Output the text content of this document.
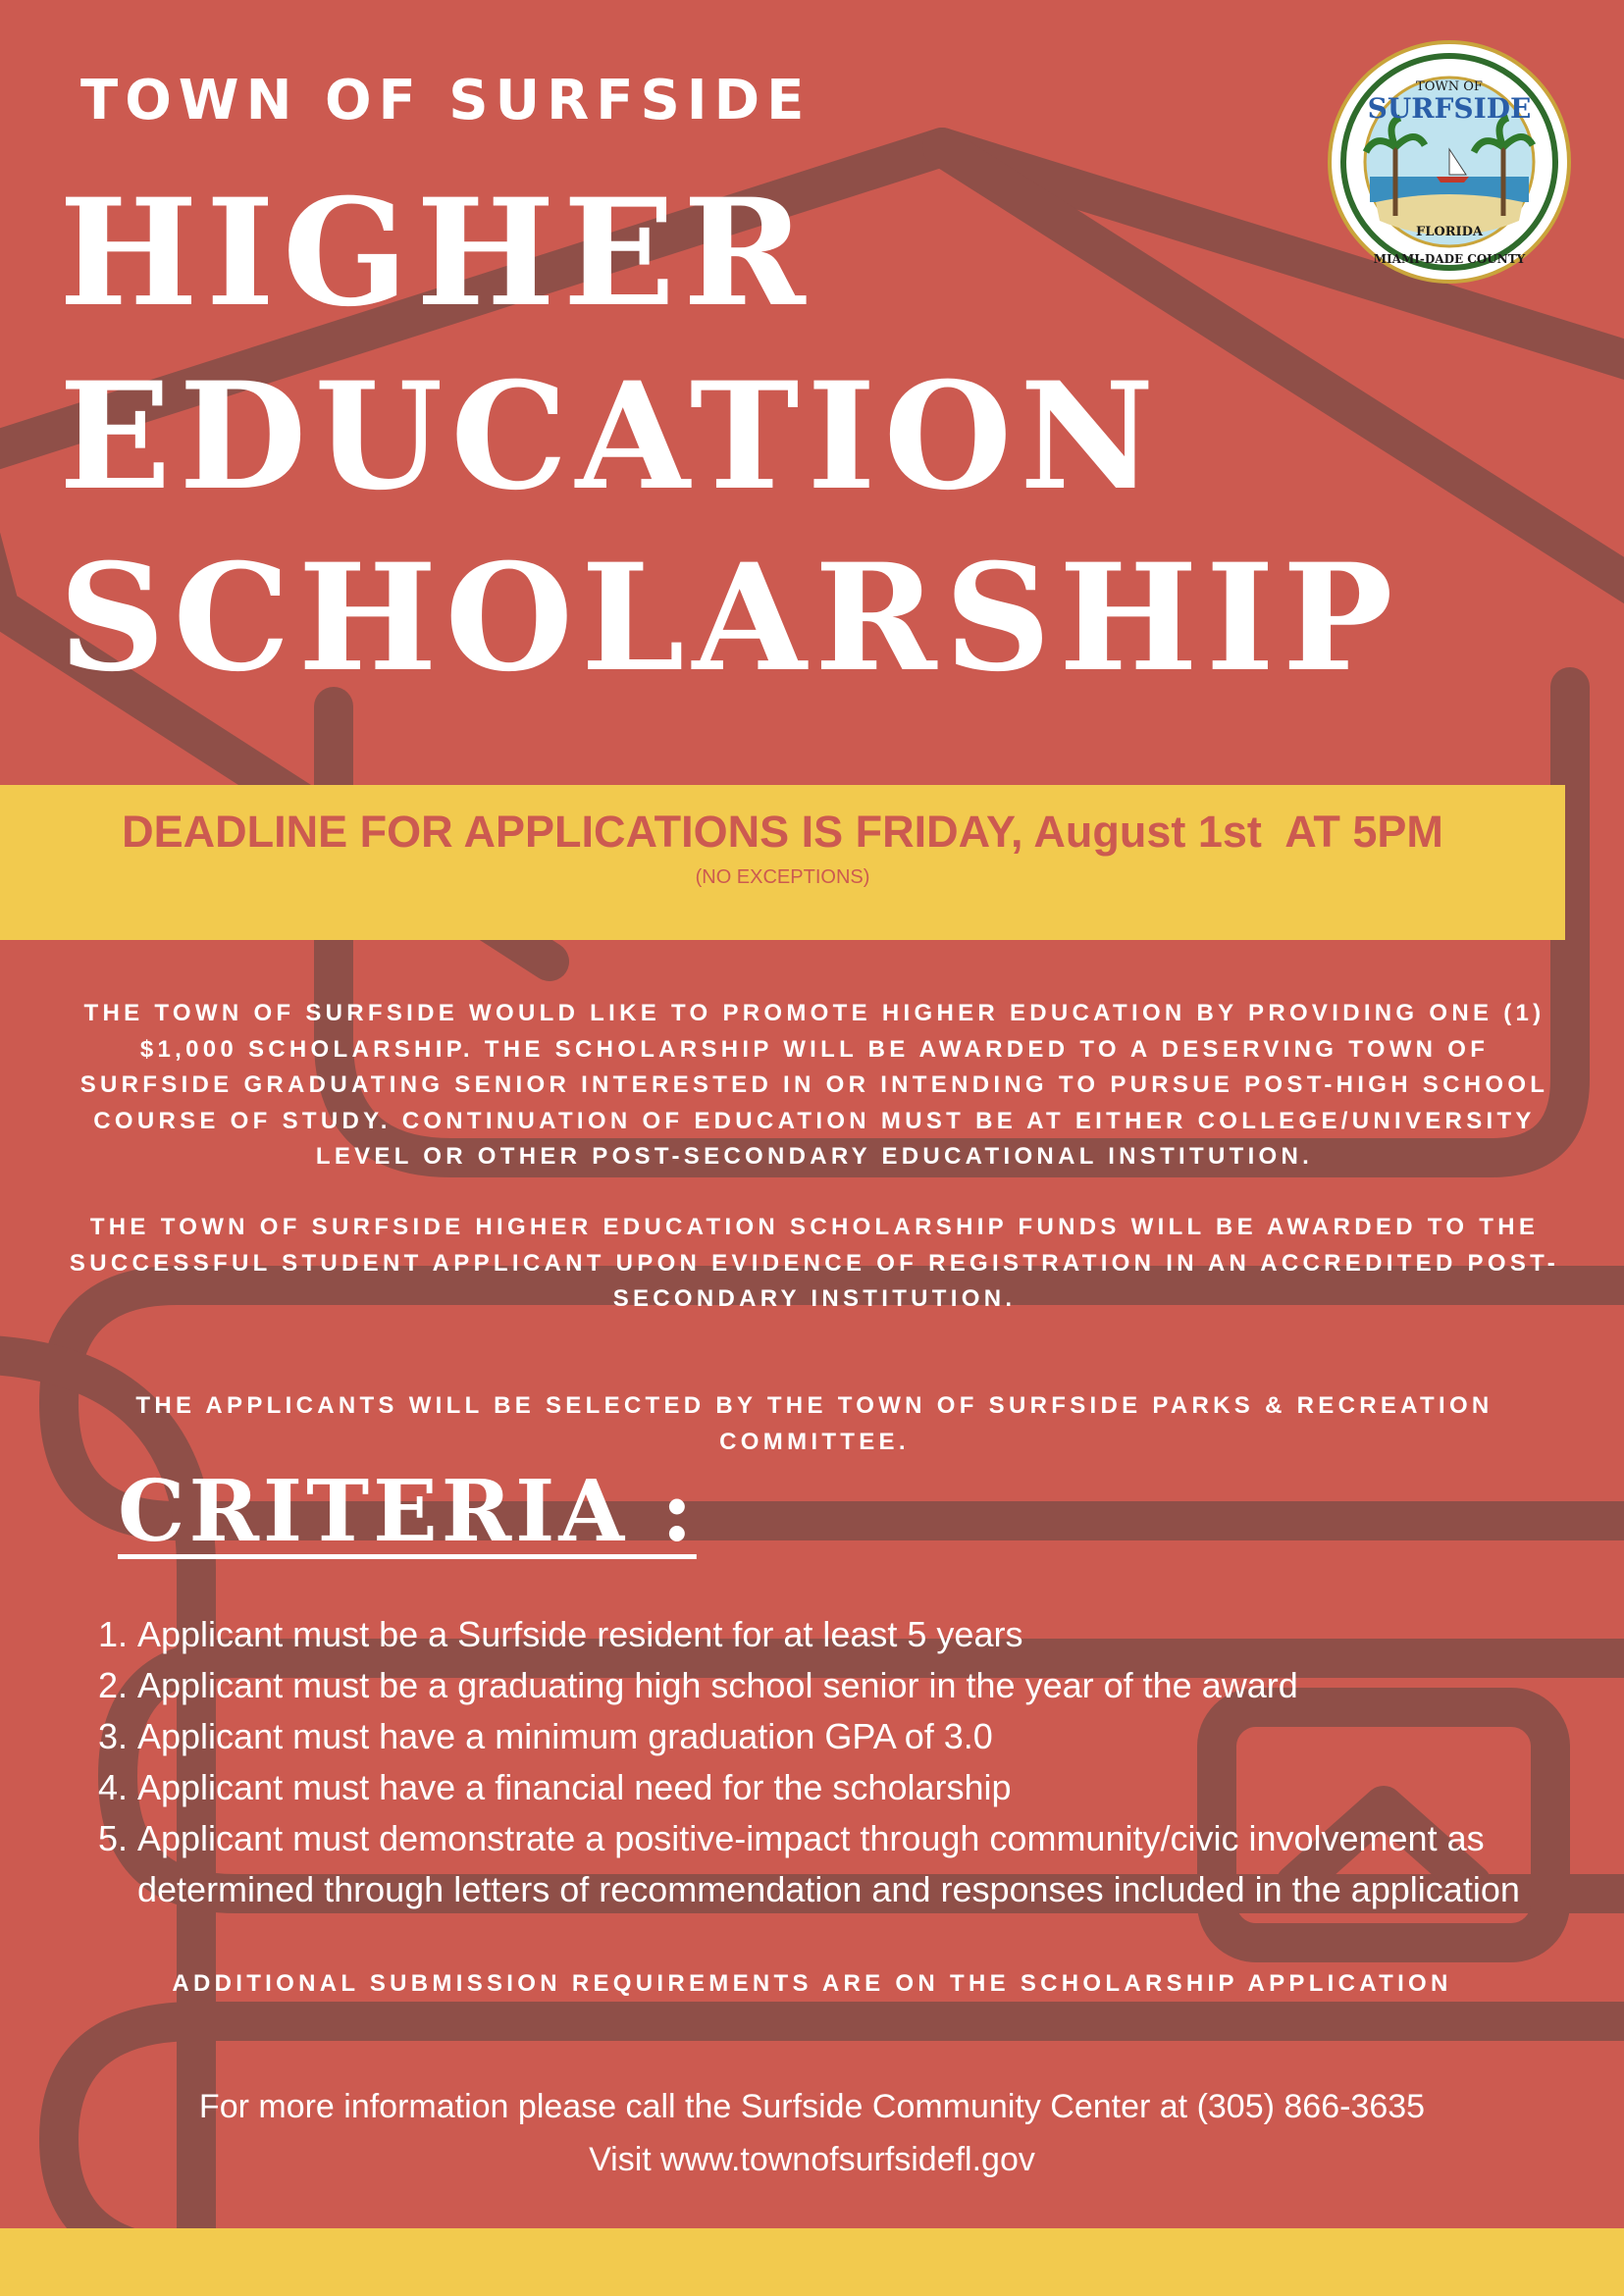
TOWN OF SURFSIDE
HIGHER
EDUCATION
SCHOLARSHIP
TOWN OF
SURFSIDE
FLORIDA
MIAMI-DADE COUNTY
DEADLINE FOR APPLICATIONS IS FRIDAY, August 1st  AT 5PM
(NO EXCEPTIONS)
THE TOWN OF SURFSIDE WOULD LIKE TO PROMOTE HIGHER EDUCATION BY PROVIDING ONE (1) $1,000 SCHOLARSHIP. THE SCHOLARSHIP WILL BE AWARDED TO A DESERVING TOWN OF SURFSIDE GRADUATING SENIOR INTERESTED IN OR INTENDING TO PURSUE POST-HIGH SCHOOL COURSE OF STUDY. CONTINUATION OF EDUCATION MUST BE AT EITHER COLLEGE/UNIVERSITY LEVEL OR OTHER POST-SECONDARY EDUCATIONAL INSTITUTION.
THE TOWN OF SURFSIDE HIGHER EDUCATION SCHOLARSHIP FUNDS WILL BE AWARDED TO THE SUCCESSFUL STUDENT APPLICANT UPON EVIDENCE OF REGISTRATION IN AN ACCREDITED POST-SECONDARY INSTITUTION.
THE APPLICANTS WILL BE SELECTED BY THE TOWN OF SURFSIDE PARKS & RECREATION COMMITTEE.
CRITERIA :
1. Applicant must be a Surfside resident for at least 5 years
2. Applicant must be a graduating high school senior in the year of the award
3. Applicant must have a minimum graduation GPA of 3.0
4. Applicant must have a financial need for the scholarship
5. Applicant must demonstrate a positive-impact through community/civic involvement as determined through letters of recommendation and responses included in the application
ADDITIONAL SUBMISSION REQUIREMENTS ARE ON THE SCHOLARSHIP APPLICATION
For more information please call the Surfside Community Center at (305) 866-3635
Visit www.townofsurfsidefl.gov
